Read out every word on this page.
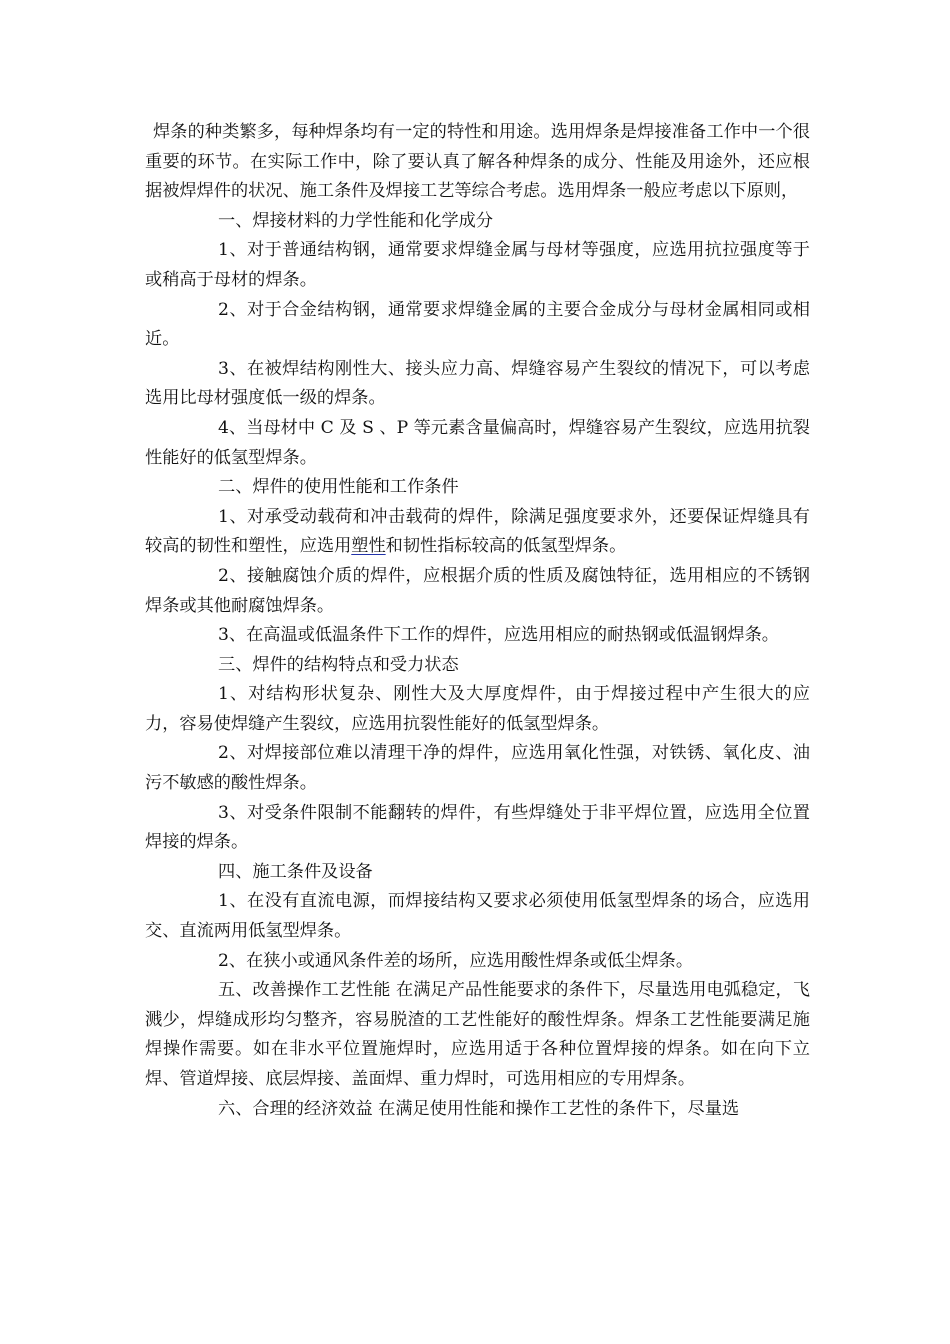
焊条的种类繁多，每种焊条均有一定的特性和用途。选用焊条是焊接准备工作中一个很重要的环节。在实际工作中，除了要认真了解各种焊条的成分、性能及用途外，还应根据被焊焊件的状况、施工条件及焊接工艺等综合考虑。选用焊条一般应考虑以下原则，

一、焊接材料的力学性能和化学成分

1、对于普通结构钢，通常要求焊缝金属与母材等强度，应选用抗拉强度等于或稍高于母材的焊条。

2、对于合金结构钢，通常要求焊缝金属的主要合金成分与母材金属相同或相近。

3、在被焊结构刚性大、接头应力高、焊缝容易产生裂纹的情况下，可以考虑选用比母材强度低一级的焊条。

4、当母材中 C 及 S 、P 等元素含量偏高时，焊缝容易产生裂纹，应选用抗裂性能好的低氢型焊条。

二、焊件的使用性能和工作条件

1、对承受动载荷和冲击载荷的焊件，除满足强度要求外，还要保证焊缝具有较高的韧性和塑性，应选用塑性和韧性指标较高的低氢型焊条。

2、接触腐蚀介质的焊件，应根据介质的性质及腐蚀特征，选用相应的不锈钢焊条或其他耐腐蚀焊条。

3、在高温或低温条件下工作的焊件，应选用相应的耐热钢或低温钢焊条。

三、焊件的结构特点和受力状态

1、对结构形状复杂、刚性大及大厚度焊件，由于焊接过程中产生很大的应力，容易使焊缝产生裂纹，应选用抗裂性能好的低氢型焊条。

2、对焊接部位难以清理干净的焊件，应选用氧化性强，对铁锈、氧化皮、油污不敏感的酸性焊条。

3、对受条件限制不能翻转的焊件，有些焊缝处于非平焊位置，应选用全位置焊接的焊条。

四、施工条件及设备

1、在没有直流电源，而焊接结构又要求必须使用低氢型焊条的场合，应选用交、直流两用低氢型焊条。

2、在狭小或通风条件差的场所，应选用酸性焊条或低尘焊条。

五、改善操作工艺性能 在满足产品性能要求的条件下，尽量选用电弧稳定，飞溅少，焊缝成形均匀整齐，容易脱渣的工艺性能好的酸性焊条。焊条工艺性能要满足施焊操作需要。如在非水平位置施焊时，应选用适于各种位置焊接的焊条。如在向下立焊、管道焊接、底层焊接、盖面焊、重力焊时，可选用相应的专用焊条。

六、合理的经济效益 在满足使用性能和操作工艺性的条件下，尽量选
